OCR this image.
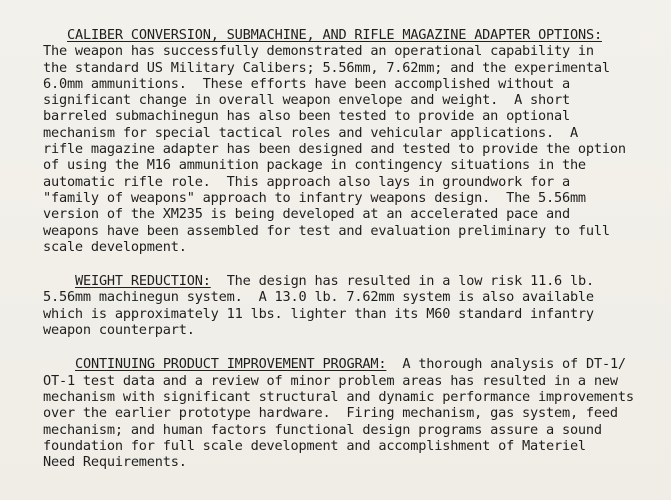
CALIBER CONVERSION, SUBMACHINE, AND RIFLE MAGAZINE ADAPTER OPTIONS:
The weapon has successfully demonstrated an operational capability in
the standard US Military Calibers; 5.56mm, 7.62mm; and the experimental
6.0mm ammunitions.  These efforts have been accomplished without a
significant change in overall weapon envelope and weight.  A short
barreled submachinegun has also been tested to provide an optional
mechanism for special tactical roles and vehicular applications.  A
rifle magazine adapter has been designed and tested to provide the option
of using the M16 ammunition package in contingency situations in the
automatic rifle role.  This approach also lays in groundwork for a
"family of weapons" approach to infantry weapons design.  The 5.56mm
version of the XM235 is being developed at an accelerated pace and
weapons have been assembled for test and evaluation preliminary to full
scale development.
WEIGHT REDUCTION:  The design has resulted in a low risk 11.6 lb.
5.56mm machinegun system.  A 13.0 lb. 7.62mm system is also available
which is approximately 11 lbs. lighter than its M60 standard infantry
weapon counterpart.
CONTINUING PRODUCT IMPROVEMENT PROGRAM:  A thorough analysis of DT-1/
OT-1 test data and a review of minor problem areas has resulted in a new
mechanism with significant structural and dynamic performance improvements
over the earlier prototype hardware.  Firing mechanism, gas system, feed
mechanism; and human factors functional design programs assure a sound
foundation for full scale development and accomplishment of Materiel
Need Requirements.
